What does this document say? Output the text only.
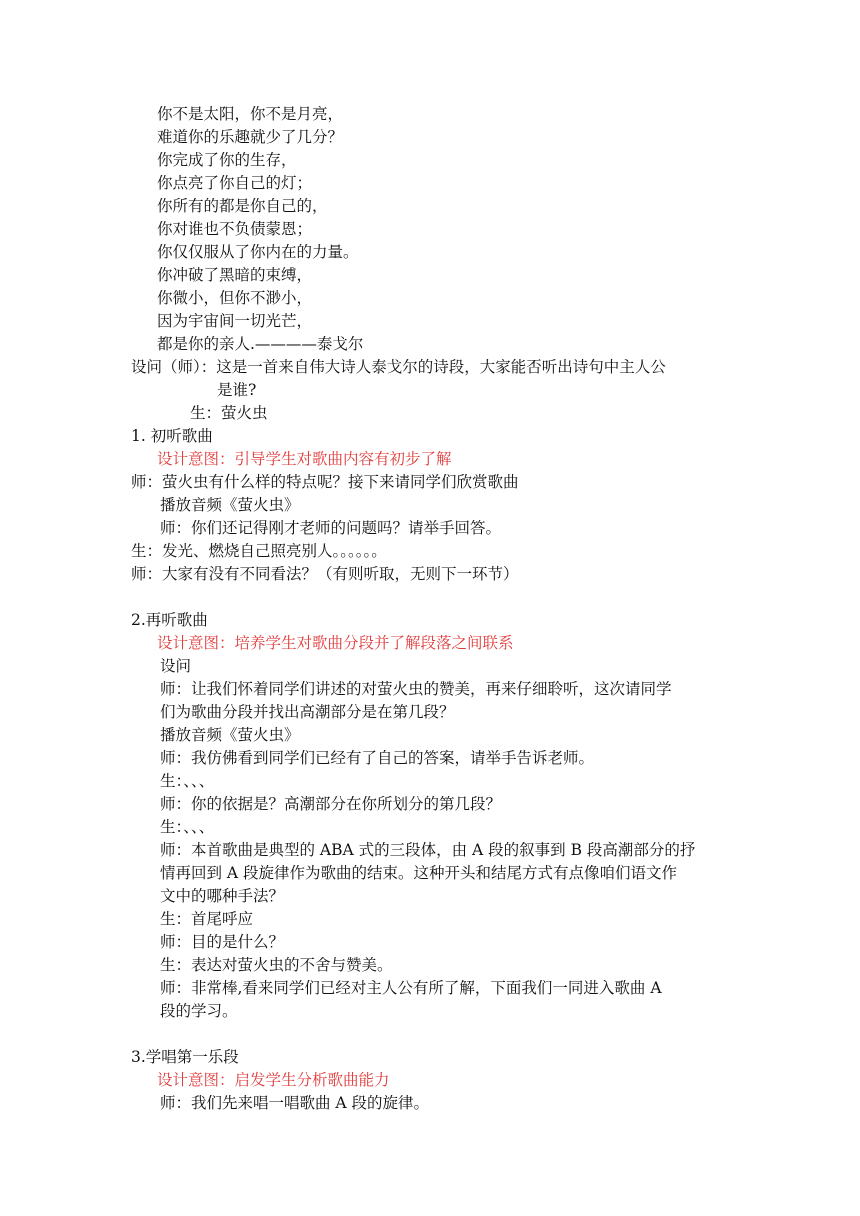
你不是太阳，你不是月亮，
难道你的乐趣就少了几分？
你完成了你的生存，
你点亮了你自己的灯；
你所有的都是你自己的，
你对谁也不负债蒙恩；
你仅仅服从了你内在的力量。
你冲破了黑暗的束缚，
你微小，但你不渺小，
因为宇宙间一切光芒，
都是你的亲人.————泰戈尔
设问（师）：这是一首来自伟大诗人泰戈尔的诗段，大家能否听出诗句中主人公
是谁?
生：萤火虫
1. 初听歌曲
设计意图：引导学生对歌曲内容有初步了解
师：萤火虫有什么样的特点呢？接下来请同学们欣赏歌曲
播放音频《萤火虫》
师：你们还记得刚才老师的问题吗？请举手回答。
生：发光、燃烧自己照亮别人。。。。。。
师：大家有没有不同看法？（有则听取，无则下一环节）
2.再听歌曲
设计意图：培养学生对歌曲分段并了解段落之间联系
设问
师：让我们怀着同学们讲述的对萤火虫的赞美，再来仔细聆听，这次请同学
们为歌曲分段并找出高潮部分是在第几段？
播放音频《萤火虫》
师：我仿佛看到同学们已经有了自己的答案，请举手告诉老师。
生：、、、
师：你的依据是？高潮部分在你所划分的第几段？
生：、、、
师：本首歌曲是典型的 ABA 式的三段体，由 A 段的叙事到 B 段高潮部分的抒
情再回到 A 段旋律作为歌曲的结束。这种开头和结尾方式有点像咱们语文作
文中的哪种手法？
生：首尾呼应
师：目的是什么？
生：表达对萤火虫的不舍与赞美。
师：非常棒,看来同学们已经对主人公有所了解，下面我们一同进入歌曲 A
段的学习。
3.学唱第一乐段
设计意图：启发学生分析歌曲能力
师：我们先来唱一唱歌曲 A 段的旋律。
